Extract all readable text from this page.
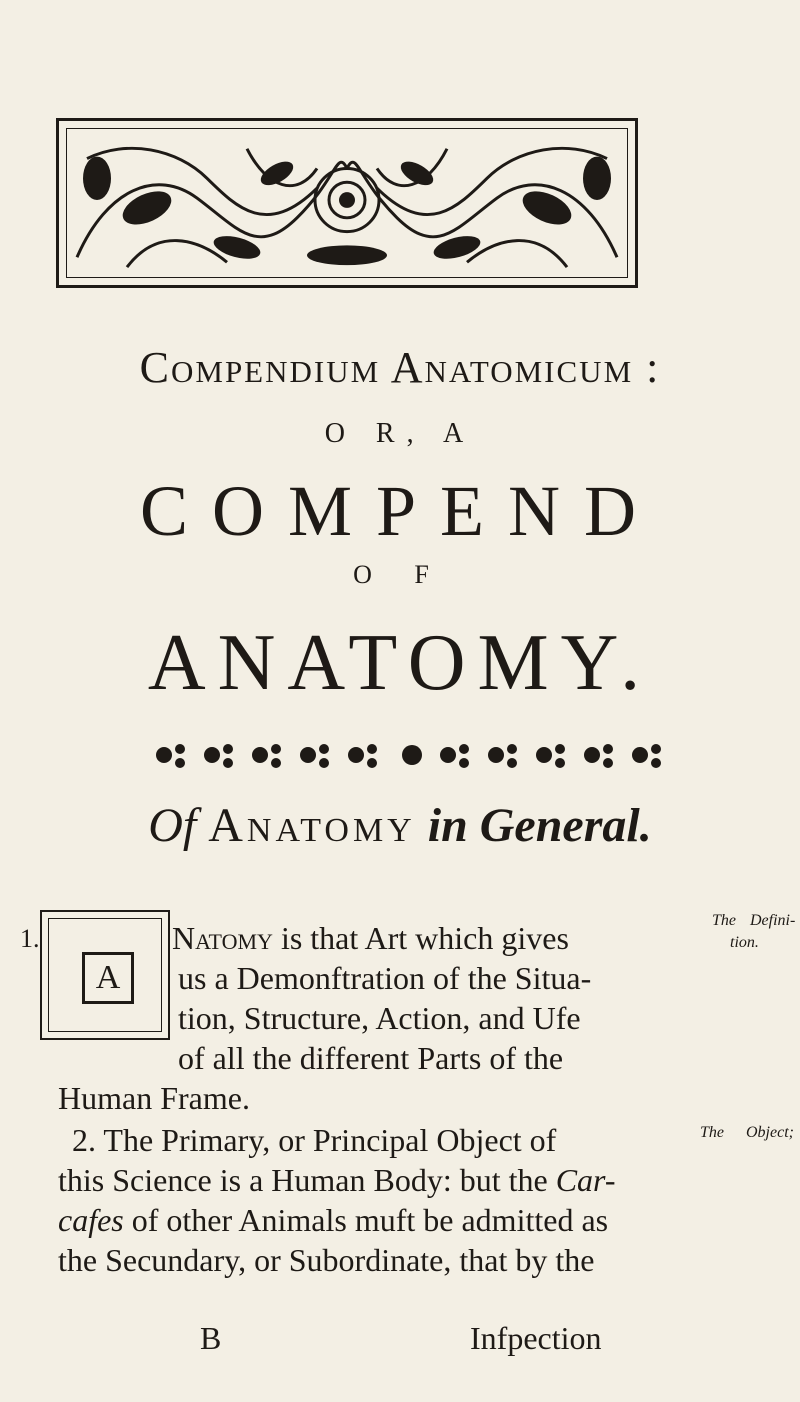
Compendium Anatomicum :
O R, A
COMPEND
O F
ANATOMY.
Of Anatomy in General.
1.
A
Natomy is that Art which gives
us a Demonftration of the Situa-
tion, Structure, Action, and Ufe
of all the different Parts of the
Human Frame.
2. The Primary, or Principal Object of
this Science is a Human Body: but the Car-
cafes of other Animals muft be admitted as
the Secundary, or Subordinate, that by the
B	Infpection
The Defini-
tion.
The Object;
